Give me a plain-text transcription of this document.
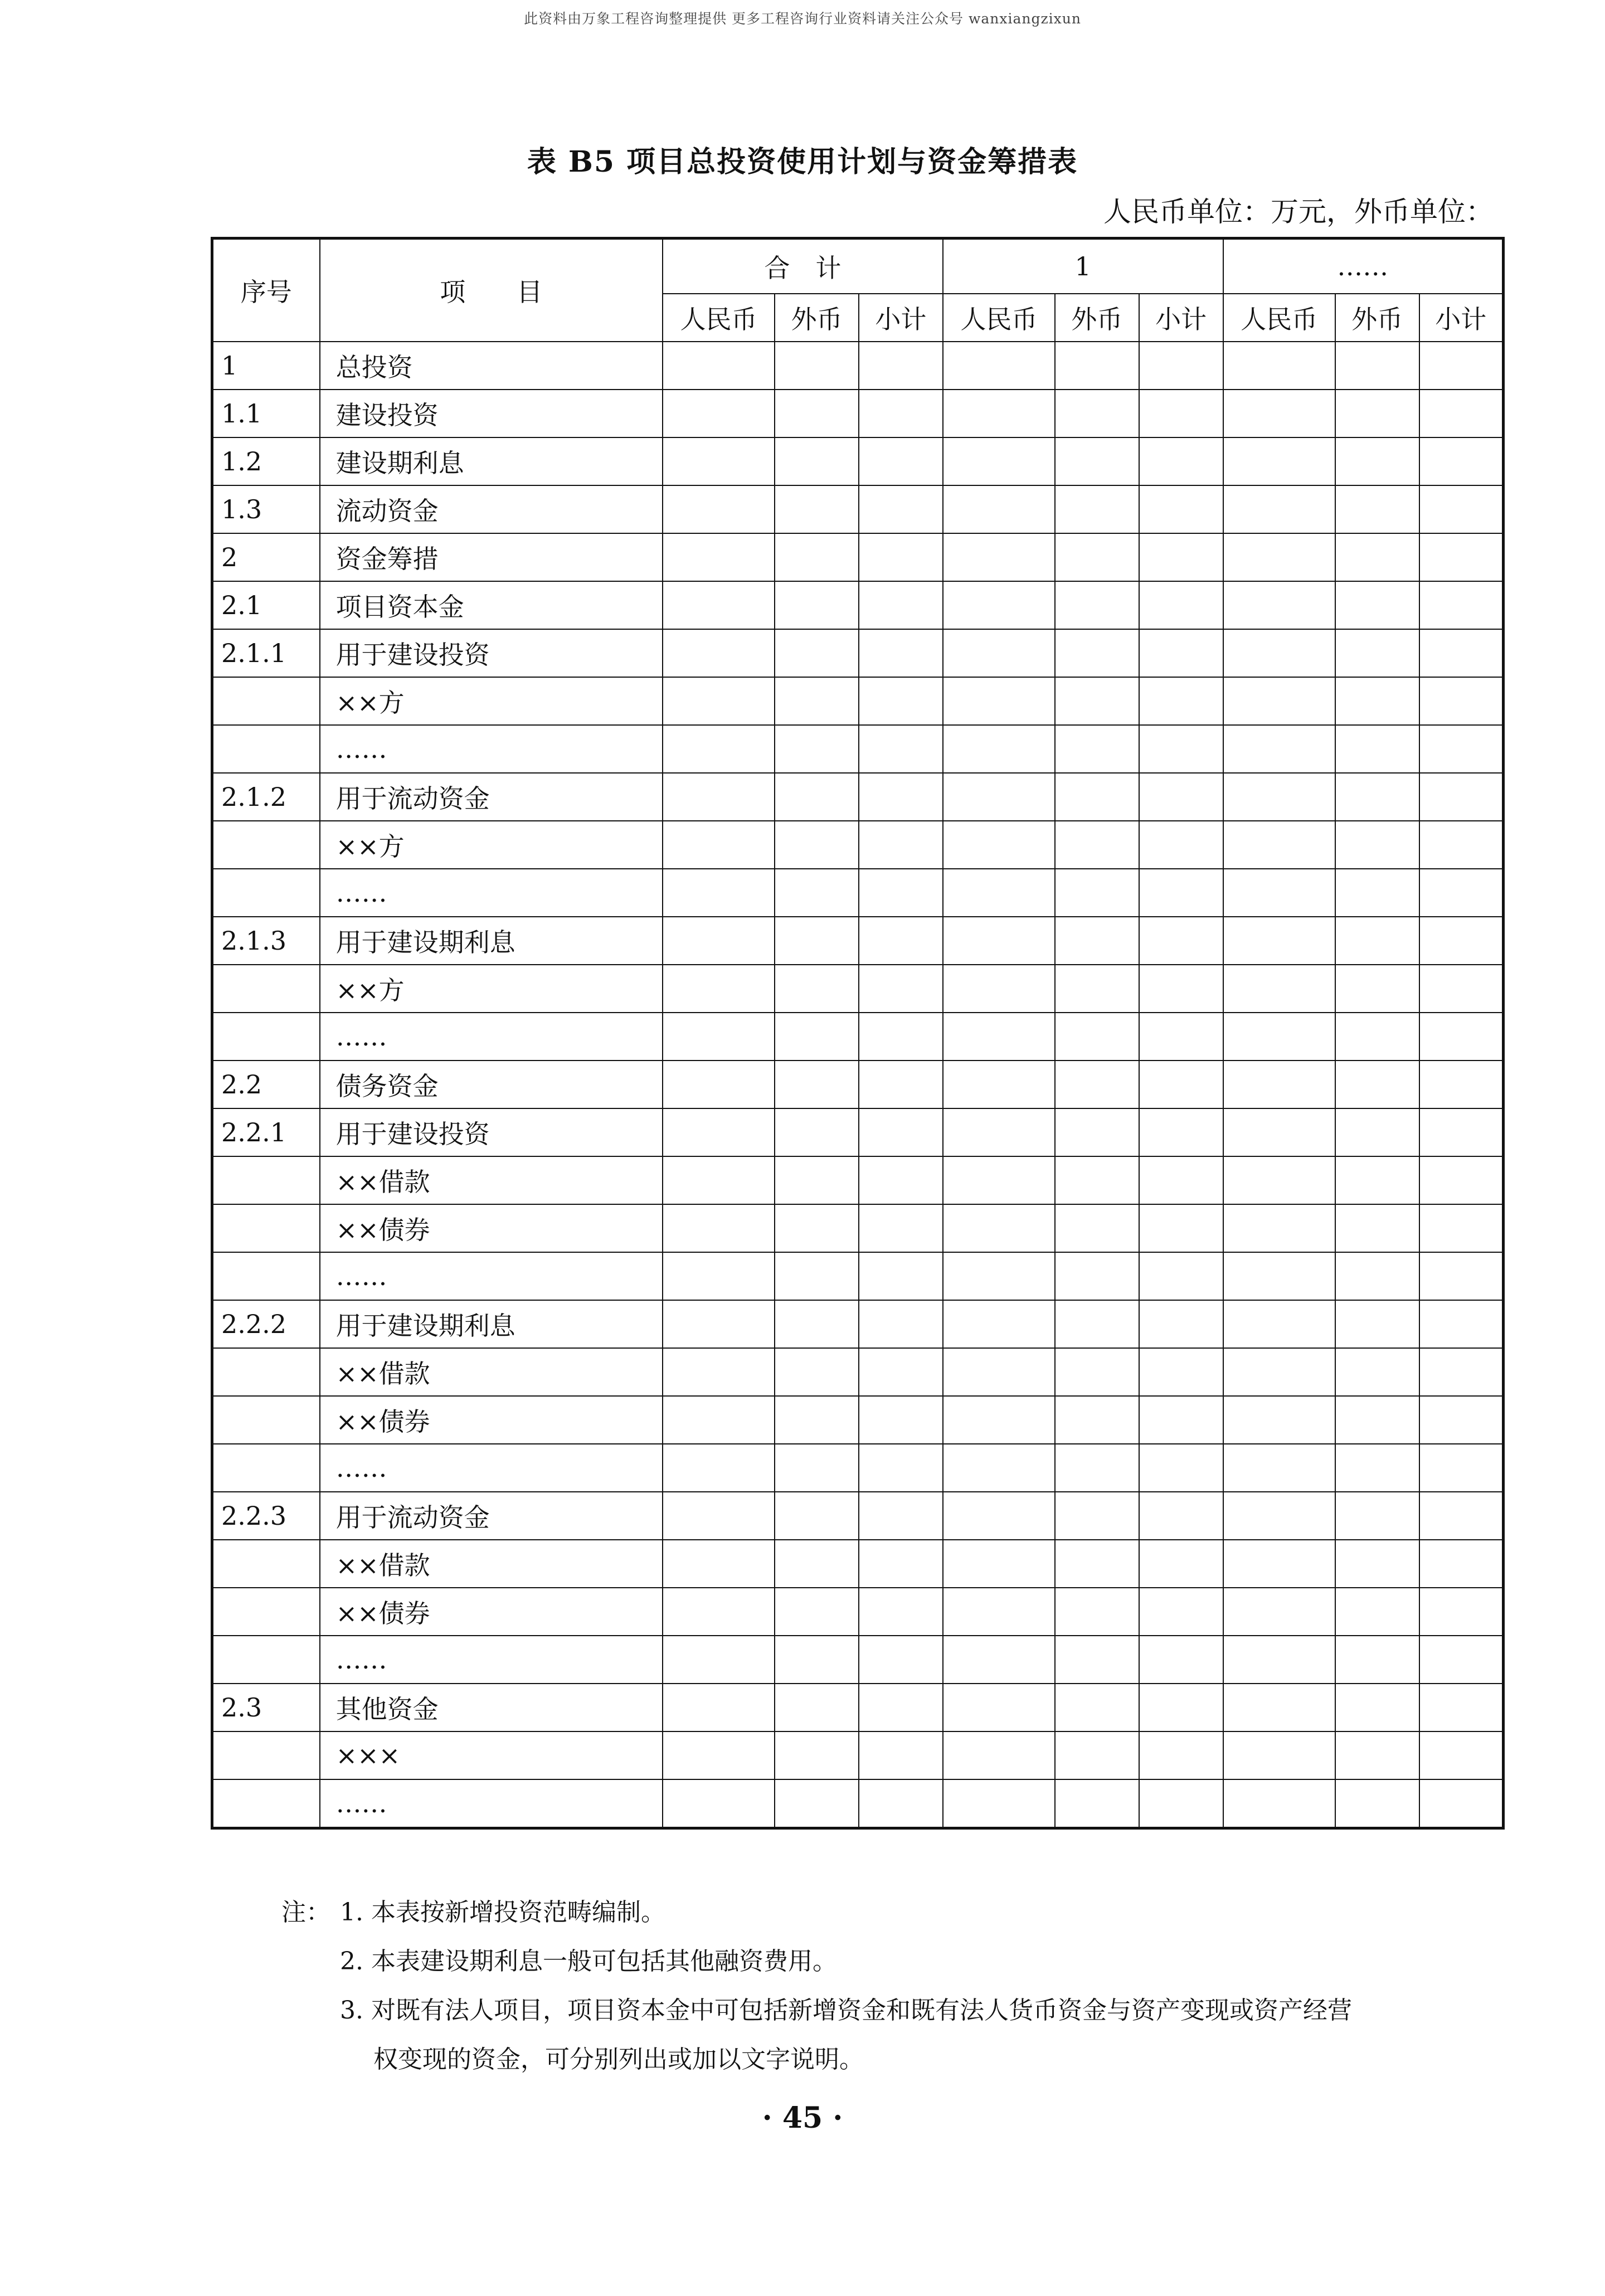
此资料由万象工程咨询整理提供 更多工程咨询行业资料请关注公众号 wanxiangzixun
表 B5 项目总投资使用计划与资金筹措表
人民币单位：万元，外币单位：
序号	项　　目	合　计			1			……		
		人民币	外币	小计	人民币	外币	小计	人民币	外币	小计
1	总投资									
1.1	建设投资									
1.2	建设期利息									
1.3	流动资金									
2	资金筹措									
2.1	项目资本金									
2.1.1	用于建设投资									
	××方									
	……									
2.1.2	用于流动资金									
	××方									
	……									
2.1.3	用于建设期利息									
	××方									
	……									
2.2	债务资金									
2.2.1	用于建设投资									
	××借款									
	××债券									
	……									
2.2.2	用于建设期利息									
	××借款									
	××债券									
	……									
2.2.3	用于流动资金									
	××借款									
	××债券									
	……									
2.3	其他资金									
	×××									
	……									
注： 1. 本表按新增投资范畴编制。
2. 本表建设期利息一般可包括其他融资费用。
3. 对既有法人项目，项目资本金中可包括新增资金和既有法人货币资金与资产变现或资产经营
权变现的资金，可分别列出或加以文字说明。
· 45 ·
